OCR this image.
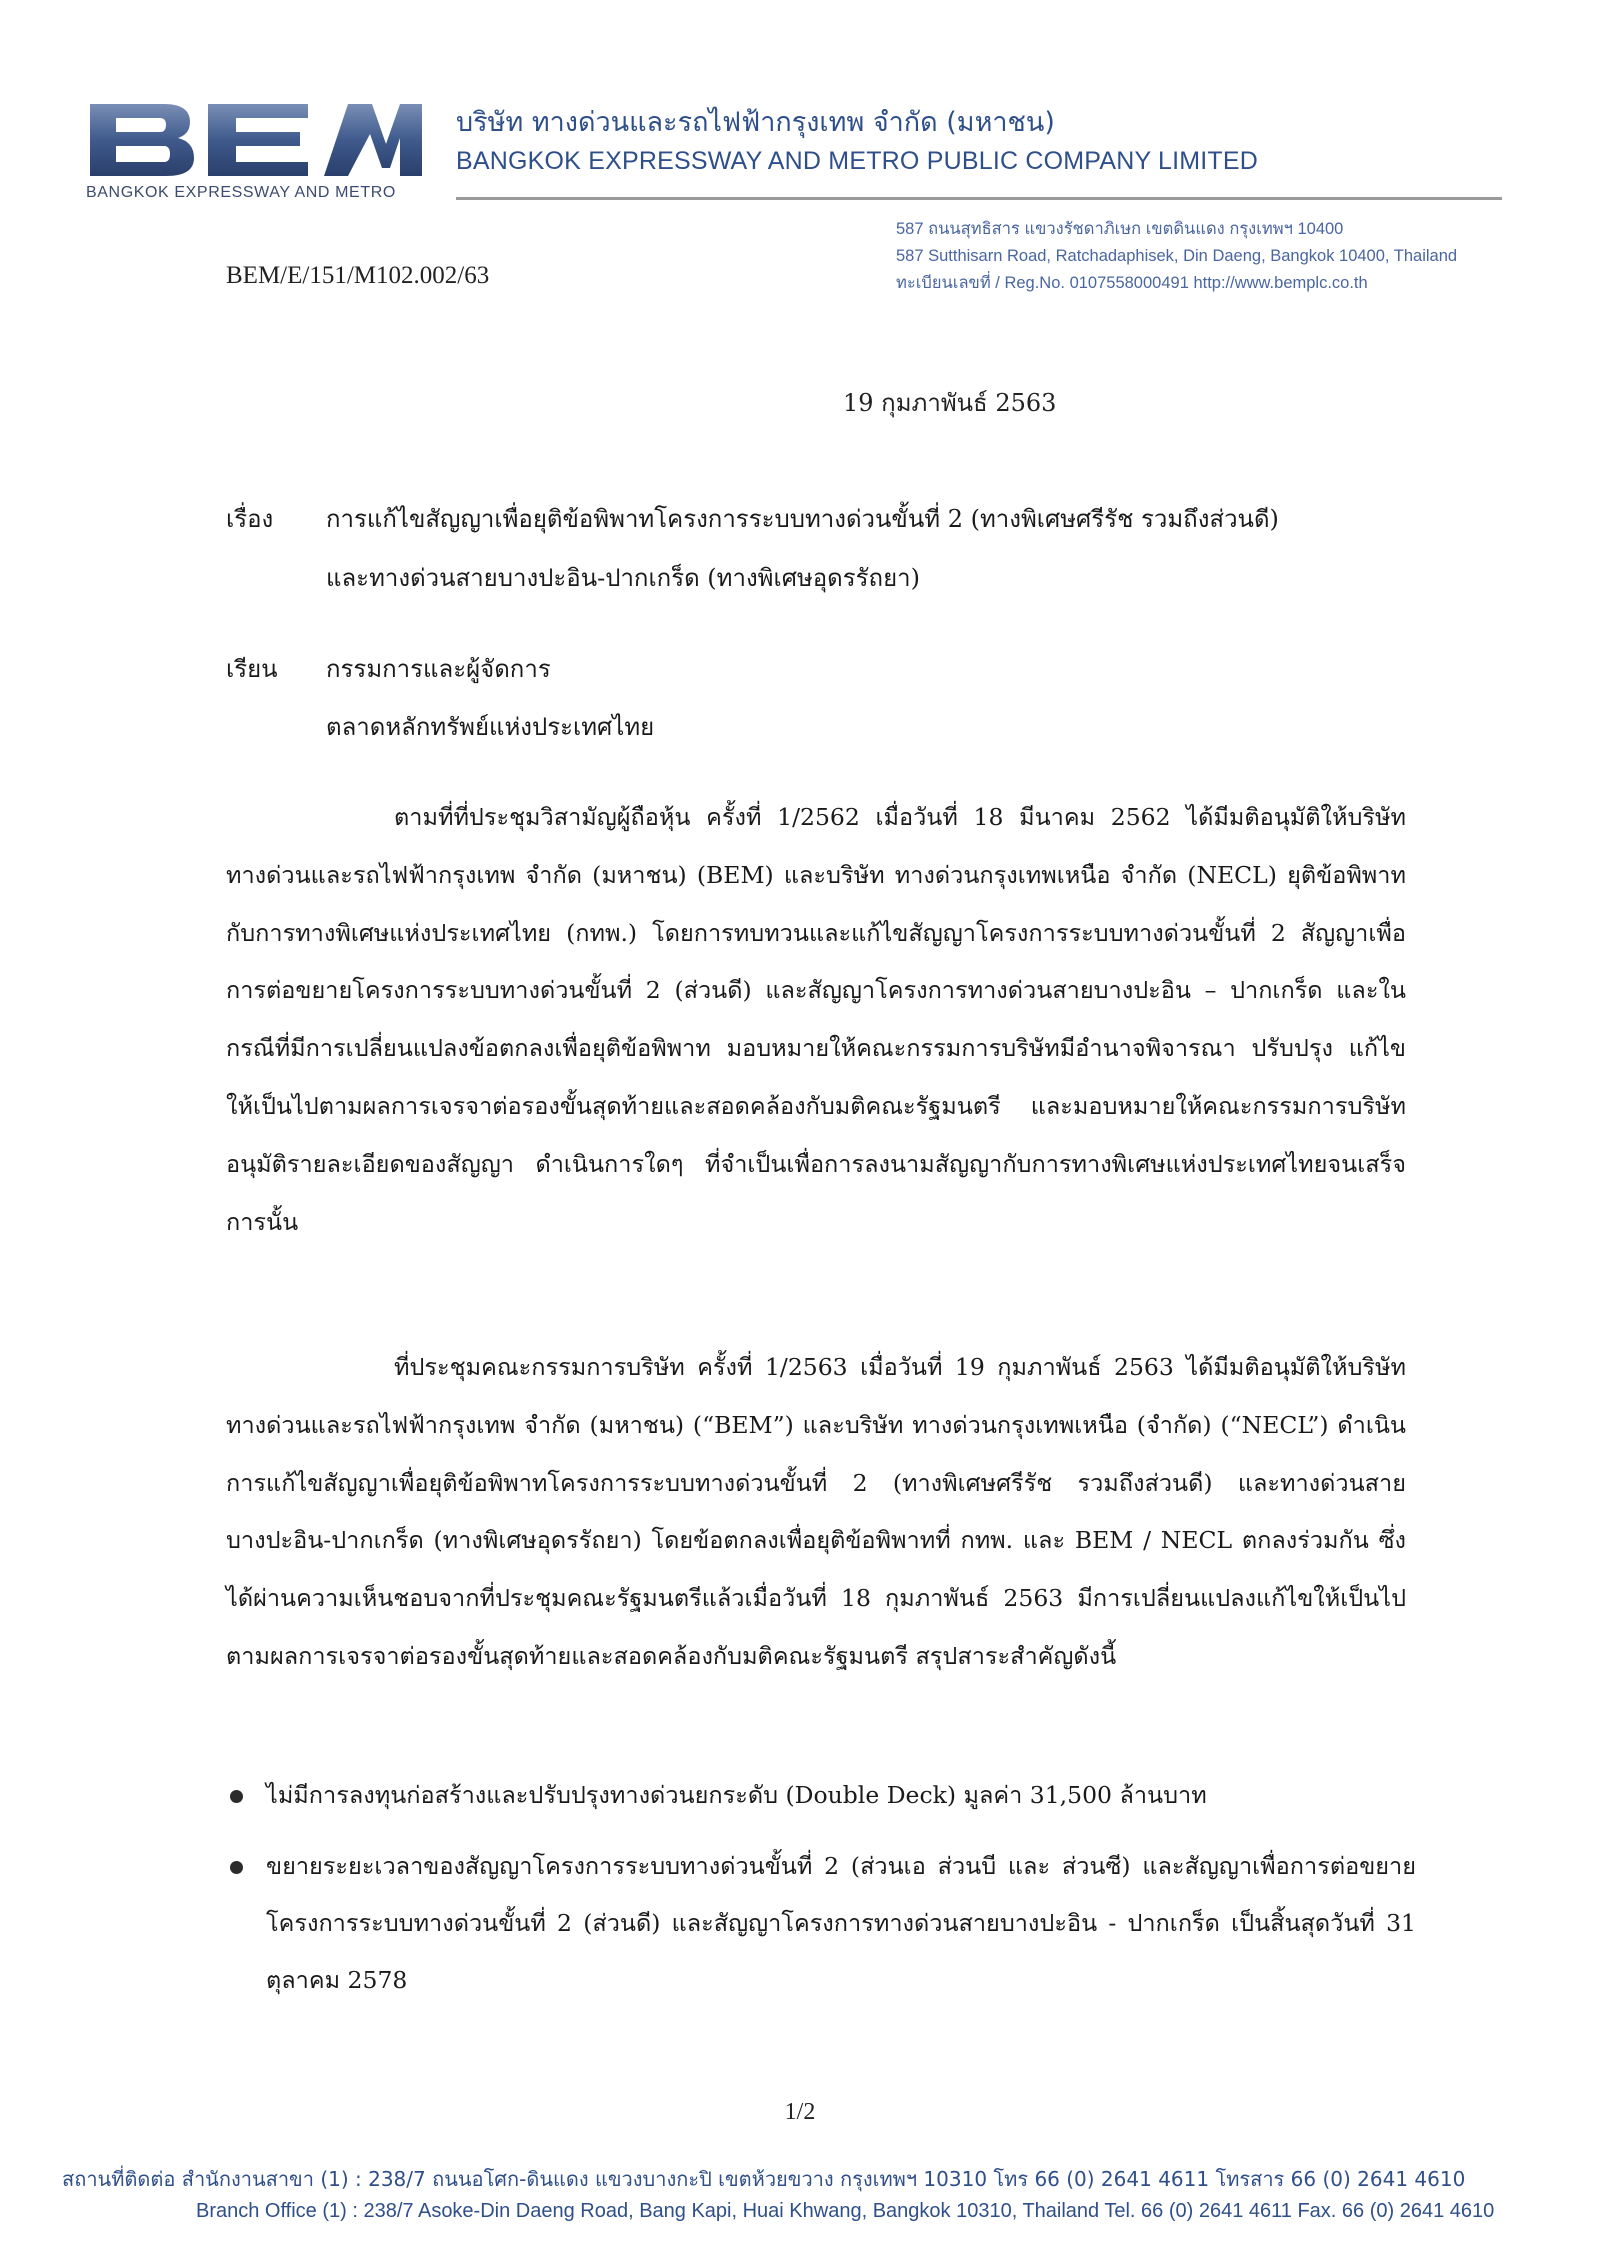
BANGKOK EXPRESSWAY AND METRO
บริษัท ทางด่วนและรถไฟฟ้ากรุงเทพ จำกัด (มหาชน)
BANGKOK EXPRESSWAY AND METRO PUBLIC COMPANY LIMITED
587 ถนนสุทธิสาร แขวงรัชดาภิเษก เขตดินแดง กรุงเทพฯ 10400
587 Sutthisarn Road, Ratchadaphisek, Din Daeng, Bangkok 10400, Thailand
ทะเบียนเลขที่ / Reg.No. 0107558000491 http://www.bemplc.co.th
BEM/E/151/M102.002/63
19 กุมภาพันธ์ 2563
เรื่อง การแก้ไขสัญญาเพื่อยุติข้อพิพาทโครงการระบบทางด่วนขั้นที่ 2 (ทางพิเศษศรีรัช รวมถึงส่วนดี)
และทางด่วนสายบางปะอิน-ปากเกร็ด (ทางพิเศษอุดรรัถยา)
เรียน กรรมการและผู้จัดการ
ตลาดหลักทรัพย์แห่งประเทศไทย
ตามที่ที่ประชุมวิสามัญผู้ถือหุ้น ครั้งที่ 1/2562 เมื่อวันที่ 18 มีนาคม 2562 ได้มีมติอนุมัติให้บริษัท ทางด่วนและรถไฟฟ้ากรุงเทพ จำกัด (มหาชน) (BEM) และบริษัท ทางด่วนกรุงเทพเหนือ จำกัด (NECL) ยุติข้อพิพาทกับการทางพิเศษแห่งประเทศไทย (กทพ.) โดยการทบทวนและแก้ไขสัญญาโครงการระบบทางด่วนขั้นที่ 2 สัญญาเพื่อการต่อขยายโครงการระบบทางด่วนขั้นที่ 2 (ส่วนดี) และสัญญาโครงการทางด่วนสายบางปะอิน – ปากเกร็ด และในกรณีที่มีการเปลี่ยนแปลงข้อตกลงเพื่อยุติข้อพิพาท มอบหมายให้คณะกรรมการบริษัทมีอำนาจพิจารณา ปรับปรุง แก้ไขให้เป็นไปตามผลการเจรจาต่อรองขั้นสุดท้ายและสอดคล้องกับมติคณะรัฐมนตรี และมอบหมายให้คณะกรรมการบริษัทอนุมัติรายละเอียดของสัญญา ดำเนินการใดๆ ที่จำเป็นเพื่อการลงนามสัญญากับการทางพิเศษแห่งประเทศไทยจนเสร็จการนั้น
ที่ประชุมคณะกรรมการบริษัท ครั้งที่ 1/2563 เมื่อวันที่ 19 กุมภาพันธ์ 2563 ได้มีมติอนุมัติให้บริษัท ทางด่วนและรถไฟฟ้ากรุงเทพ จำกัด (มหาชน) (“BEM”) และบริษัท ทางด่วนกรุงเทพเหนือ (จำกัด) (“NECL”) ดำเนินการแก้ไขสัญญาเพื่อยุติข้อพิพาทโครงการระบบทางด่วนขั้นที่ 2 (ทางพิเศษศรีรัช รวมถึงส่วนดี) และทางด่วนสายบางปะอิน-ปากเกร็ด (ทางพิเศษอุดรรัถยา) โดยข้อตกลงเพื่อยุติข้อพิพาทที่ กทพ. และ BEM / NECL ตกลงร่วมกัน ซึ่งได้ผ่านความเห็นชอบจากที่ประชุมคณะรัฐมนตรีแล้วเมื่อวันที่ 18 กุมภาพันธ์ 2563 มีการเปลี่ยนแปลงแก้ไขให้เป็นไปตามผลการเจรจาต่อรองขั้นสุดท้ายและสอดคล้องกับมติคณะรัฐมนตรี สรุปสาระสำคัญดังนี้
ไม่มีการลงทุนก่อสร้างและปรับปรุงทางด่วนยกระดับ (Double Deck) มูลค่า 31,500 ล้านบาท
ขยายระยะเวลาของสัญญาโครงการระบบทางด่วนขั้นที่ 2 (ส่วนเอ ส่วนบี และ ส่วนซี) และสัญญาเพื่อการต่อขยายโครงการระบบทางด่วนขั้นที่ 2 (ส่วนดี) และสัญญาโครงการทางด่วนสายบางปะอิน - ปากเกร็ด เป็นสิ้นสุดวันที่ 31 ตุลาคม 2578
1/2
สถานที่ติดต่อ สำนักงานสาขา (1) : 238/7 ถนนอโศก-ดินแดง แขวงบางกะปิ เขตห้วยขวาง กรุงเทพฯ 10310 โทร 66 (0) 2641 4611 โทรสาร 66 (0) 2641 4610
Branch Office (1) : 238/7 Asoke-Din Daeng Road, Bang Kapi, Huai Khwang, Bangkok 10310, Thailand Tel. 66 (0) 2641 4611 Fax. 66 (0) 2641 4610
